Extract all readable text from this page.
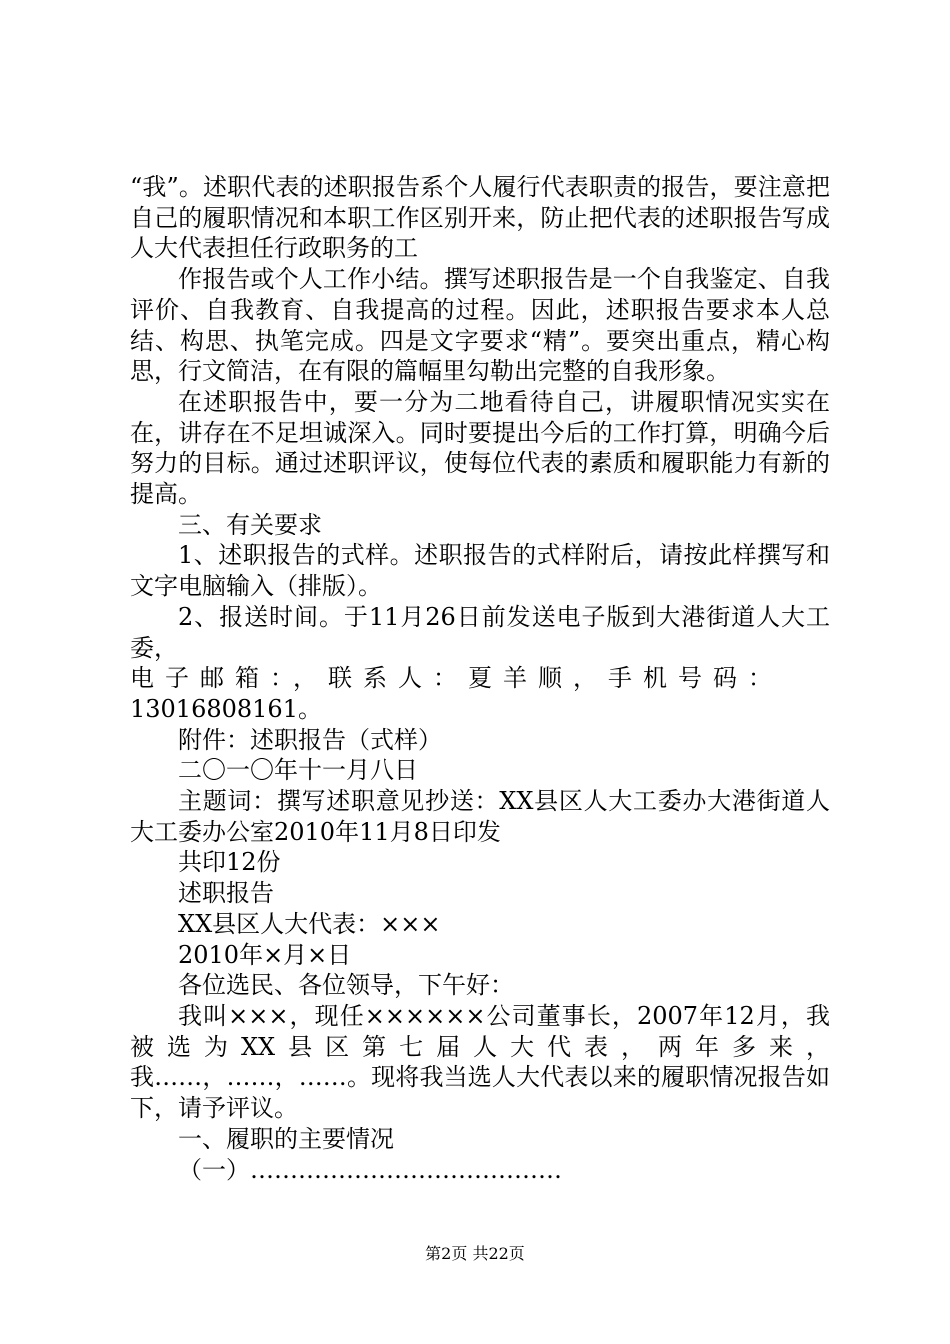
“我”。述职代表的述职报告系个人履行代表职责的报告，要注意把自己的履职情况和本职工作区别开来，防止把代表的述职报告写成人大代表担任行政职务的工

作报告或个人工作小结。撰写述职报告是一个自我鉴定、自我评价、自我教育、自我提高的过程。因此，述职报告要求本人总结、构思、执笔完成。四是文字要求“精”。要突出重点，精心构思，行文简洁，在有限的篇幅里勾勒出完整的自我形象。

在述职报告中，要一分为二地看待自己，讲履职情况实实在在，讲存在不足坦诚深入。同时要提出今后的工作打算，明确今后努力的目标。通过述职评议，使每位代表的素质和履职能力有新的提高。

三、有关要求

1、述职报告的式样。述职报告的式样附后，请按此样撰写和文字电脑输入（排版）。

2、报送时间。于11月26日前发送电子版到大港街道人大工委，

电子邮箱：，联系人：夏羊顺，手机号码：

13016808161。

附件：述职报告（式样）

二〇一〇年十一月八日

主题词：撰写述职意见抄送：XX县区人大工委办大港街道人大工委办公室2010年11月8日印发

共印12份

述职报告

XX县区人大代表：×××

2010年×月×日

各位选民、各位领导，下午好：

我叫×××，现任××××××公司董事长，2007年12月，我被选为XX县区第七届人大代表，两年多来，我……，……，……。现将我当选人大代表以来的履职情况报告如下，请予评议。

一、履职的主要情况

（一）…………………………………

第2页 共22页
